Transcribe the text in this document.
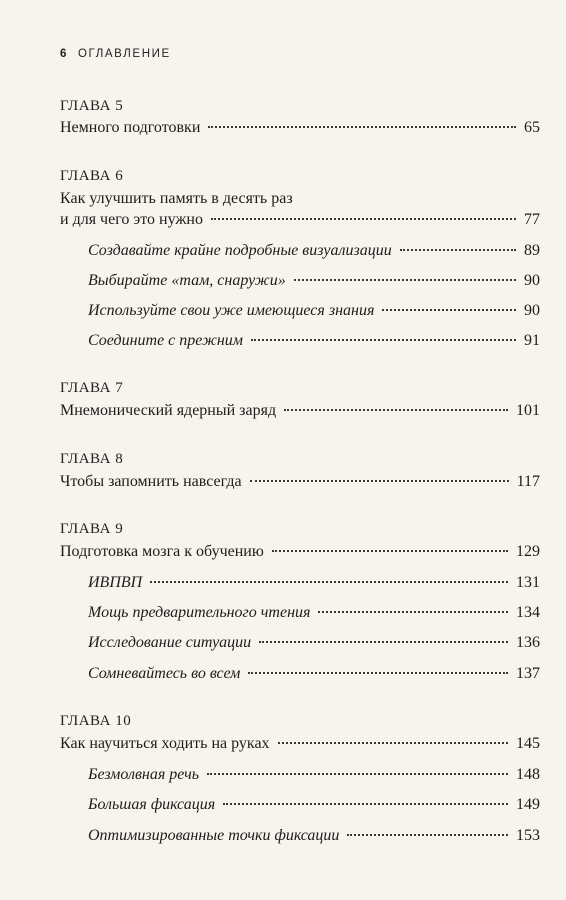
6 ОГЛАВЛЕНИЕ
ГЛАВА 5
Немного подготовки	65
ГЛАВА 6
Как улучшить память в десять раз
и для чего это нужно	77
Создавайте крайне подробные визуализации	89
Выбирайте «там, снаружи»	90
Используйте свои уже имеющиеся знания	90
Соедините с прежним	91
ГЛАВА 7
Мнемонический ядерный заряд	101
ГЛАВА 8
Чтобы запомнить навсегда	117
ГЛАВА 9
Подготовка мозга к обучению	129
ИВПВП	131
Мощь предварительного чтения	134
Исследование ситуации	136
Сомневайтесь во всем	137
ГЛАВА 10
Как научиться ходить на руках	145
Безмолвная речь	148
Большая фиксация	149
Оптимизированные точки фиксации	153
